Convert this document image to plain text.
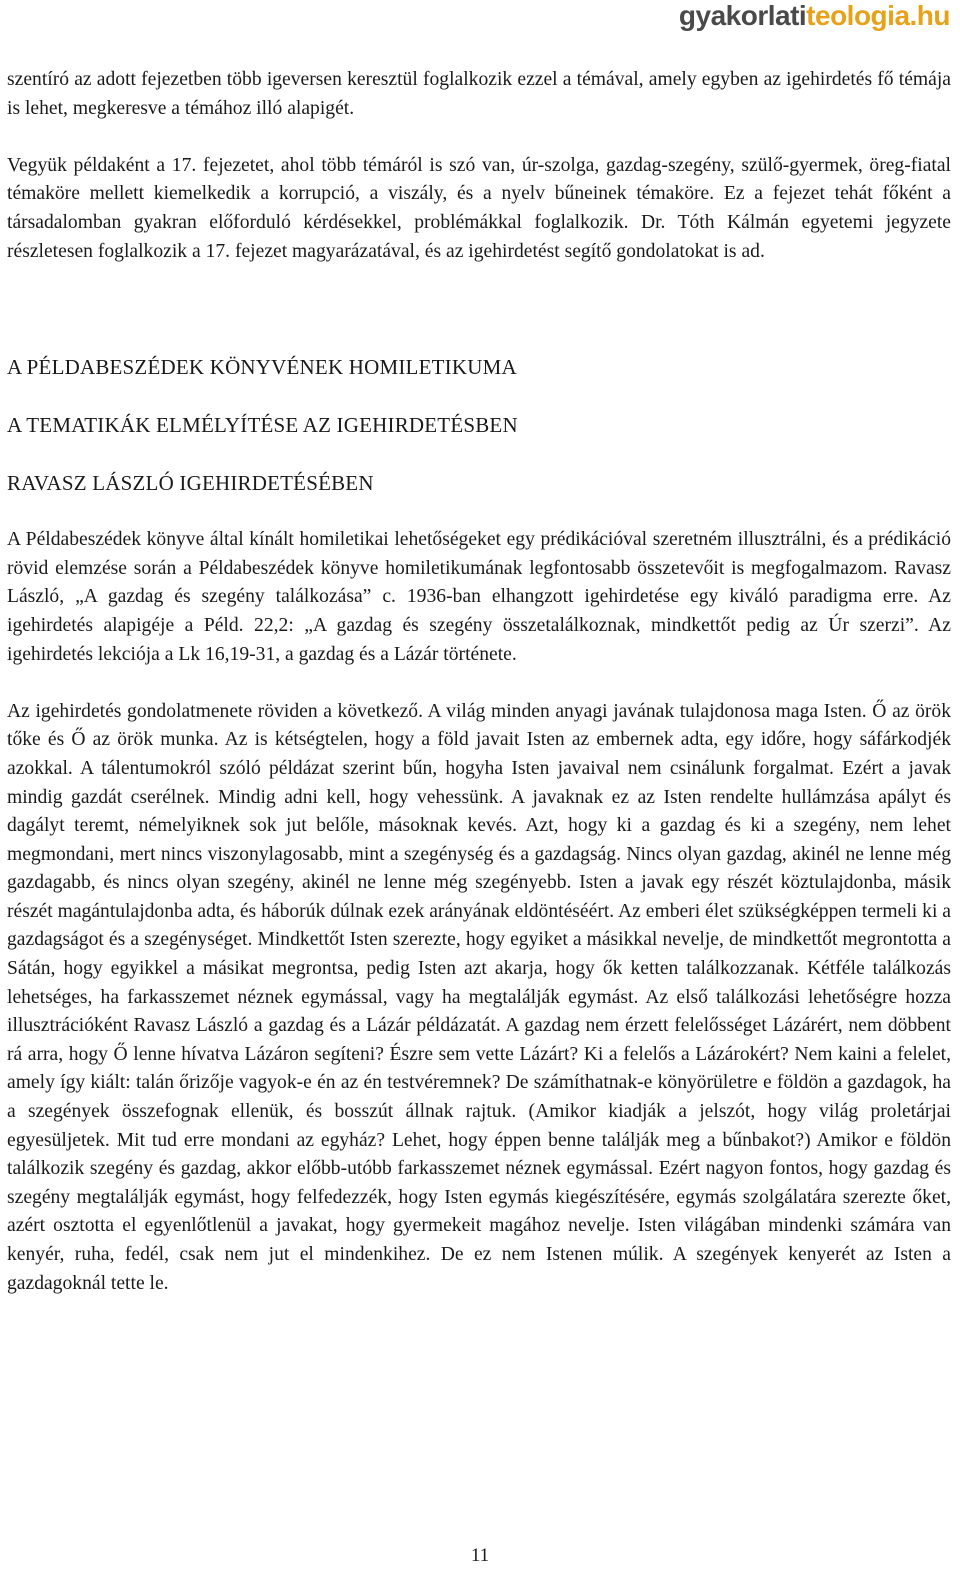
gyakorlatiteologia.hu

szentíró az adott fejezetben több igeversen keresztül foglalkozik ezzel a témával, amely egyben az igehirdetés fő témája is lehet, megkeresve a témához illó alapigét.

Vegyük példaként a 17. fejezetet, ahol több témáról is szó van, úr-szolga, gazdag-szegény, szülő-gyermek, öreg-fiatal témaköre mellett kiemelkedik a korrupció, a viszály, és a nyelv bűneinek témaköre. Ez a fejezet tehát főként a társadalomban gyakran előforduló kérdésekkel, problémákkal foglalkozik. Dr. Tóth Kálmán egyetemi jegyzete részletesen foglalkozik a 17. fejezet magyarázatával, és az igehirdetést segítő gondolatokat is ad.

A PÉLDABESZÉDEK KÖNYVÉNEK HOMILETIKUMA
A TEMATIKÁK ELMÉLYÍTÉSE AZ IGEHIRDETÉSBEN
RAVASZ LÁSZLÓ IGEHIRDETÉSÉBEN

A Példabeszédek könyve által kínált homiletikai lehetőségeket egy prédikációval szeretném illusztrálni, és a prédikáció rövid elemzése során a Példabeszédek könyve homiletikumának legfontosabb összetevőit is megfogalmazom. Ravasz László, „A gazdag és szegény találkozása” c. 1936-ban elhangzott igehirdetése egy kiváló paradigma erre. Az igehirdetés alapigéje a Péld. 22,2: „A gazdag és szegény összetalálkoznak, mindkettőt pedig az Úr szerzi”. Az igehirdetés lekciója a Lk 16,19-31, a gazdag és a Lázár története.

Az igehirdetés gondolatmenete röviden a következő. A világ minden anyagi javának tulajdonosa maga Isten. Ő az örök tőke és Ő az örök munka. Az is kétségtelen, hogy a föld javait Isten az embernek adta, egy időre, hogy sáfárkodjék azokkal. A tálentumokról szóló példázat szerint bűn, hogyha Isten javaival nem csinálunk forgalmat. Ezért a javak mindig gazdát cserélnek. Mindig adni kell, hogy vehessünk. A javaknak ez az Isten rendelte hullámzása apályt és dagályt teremt, némelyiknek sok jut belőle, másoknak kevés. Azt, hogy ki a gazdag és ki a szegény, nem lehet megmondani, mert nincs viszonylagosabb, mint a szegénység és a gazdagság. Nincs olyan gazdag, akinél ne lenne még gazdagabb, és nincs olyan szegény, akinél ne lenne még szegényebb. Isten a javak egy részét köztulajdonba, másik részét magántulajdonba adta, és háborúk dúlnak ezek arányának eldöntéséért. Az emberi élet szükségképpen termeli ki a gazdagságot és a szegénységet. Mindkettőt Isten szerezte, hogy egyiket a másikkal nevelje, de mindkettőt megrontotta a Sátán, hogy egyikkel a másikat megrontsa, pedig Isten azt akarja, hogy ők ketten találkozzanak. Kétféle találkozás lehetséges, ha farkasszemet néznek egymással, vagy ha megtalálják egymást. Az első találkozási lehetőségre hozza illusztrációként Ravasz László a gazdag és a Lázár példázatát. A gazdag nem érzett felelősséget Lázárért, nem döbbent rá arra, hogy Ő lenne hívatva Lázáron segíteni? Észre sem vette Lázárt? Ki a felelős a Lázárokért? Nem kaini a felelet, amely így kiált: talán őrizője vagyok-e én az én testvéremnek? De számíthatnak-e könyörületre e földön a gazdagok, ha a szegények összefognak ellenük, és bosszút állnak rajtuk. (Amikor kiadják a jelszót, hogy világ proletárjai egyesüljetek. Mit tud erre mondani az egyház? Lehet, hogy éppen benne találják meg a bűnbakot?) Amikor e földön találkozik szegény és gazdag, akkor előbb-utóbb farkasszemet néznek egymással. Ezért nagyon fontos, hogy gazdag és szegény megtalálják egymást, hogy felfedezzék, hogy Isten egymás kiegészítésére, egymás szolgálatára szerezte őket, azért osztotta el egyenlőtlenül a javakat, hogy gyermekeit magához nevelje. Isten világában mindenki számára van kenyér, ruha, fedél, csak nem jut el mindenkihez. De ez nem Istenen múlik. A szegények kenyerét az Isten a gazdagoknál tette le.

11
